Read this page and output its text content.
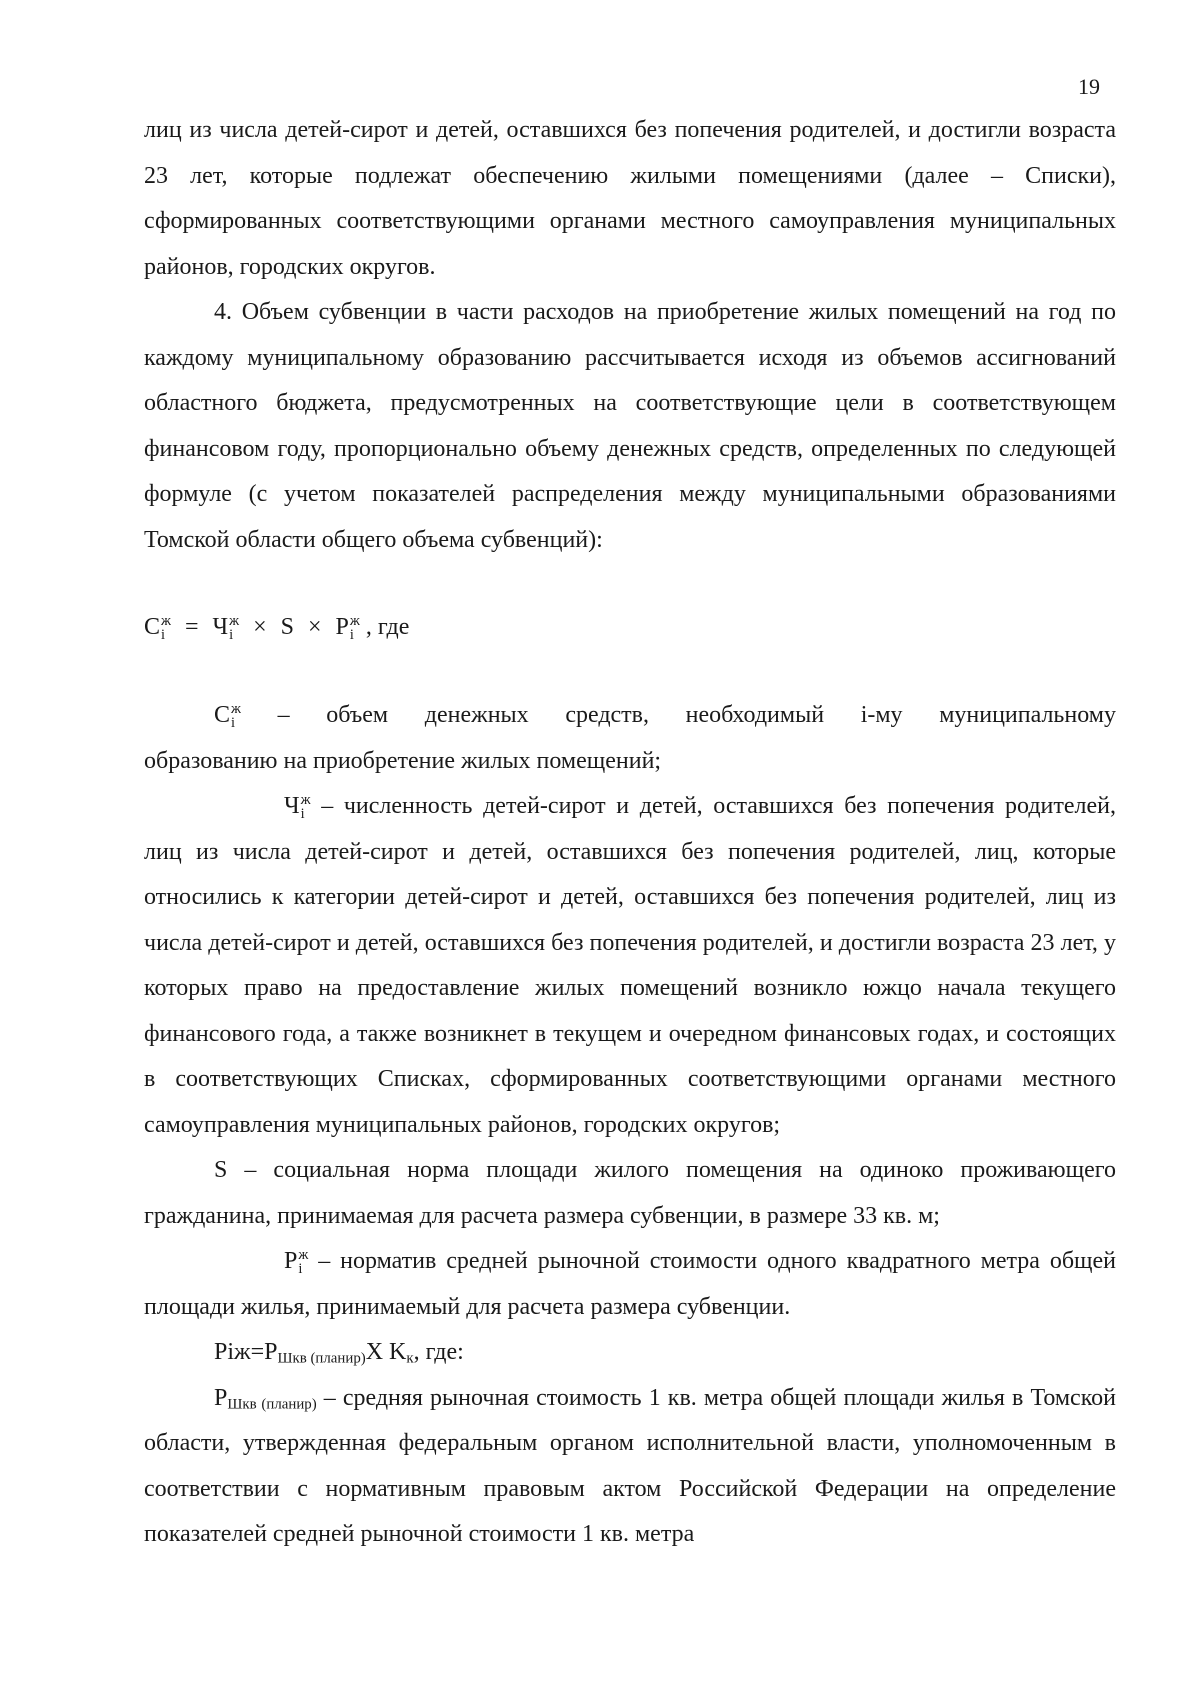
19

лиц из числа детей-сирот и детей, оставшихся без попечения родителей, и достигли возраста 23 лет, которые подлежат обеспечению жилыми помещениями (далее – Списки), сформированных соответствующими органами местного самоуправления муниципальных районов, городских округов.

4. Объем субвенции в части расходов на приобретение жилых помещений на год по каждому муниципальному образованию рассчитывается исходя из объемов ассигнований областного бюджета, предусмотренных на соответствующие цели в соответствующем финансовом году, пропорционально объему денежных средств, определенных по следующей формуле (с учетом показателей распределения между муниципальными образованиями Томской области общего объема субвенций):

C ж
i = Ч ж
i × S × P ж
i , где

C ж
i – объем денежных средств, необходимый i-му муниципальному

образованию на приобретение жилых помещений;

Ч ж
i – численность детей-сирот и детей, оставшихся без попечения родителей, лиц из числа детей-сирот и детей, оставшихся без попечения родителей, лиц, которые относились к категории детей-сирот и детей, оставшихся без попечения родителей, лиц из числа детей-сирот и детей, оставшихся без попечения родителей, и достигли возраста 23 лет, у которых право на предоставление жилых помещений возникло южцо начала текущего финансового года, а также возникнет в текущем и очередном финансовых годах, и состоящих в соответствующих Списках, сформированных соответствующими органами местного самоуправления муниципальных районов, городских округов;

S – социальная норма площади жилого помещения на одиноко проживающего гражданина, принимаемая для расчета размера субвенции, в размере 33 кв. м;

P ж
i – норматив средней рыночной стоимости одного квадратного метра общей площади жилья, принимаемый для расчета размера субвенции.

Pіж=PШкв (планир)X Kк, где:

PШкв (планир) – средняя рыночная стоимость 1 кв. метра общей площади жилья в Томской области, утвержденная федеральным органом исполнительной власти, уполномоченным в соответствии с нормативным правовым актом Российской Федерации на определение показателей средней рыночной стоимости 1 кв. метра
